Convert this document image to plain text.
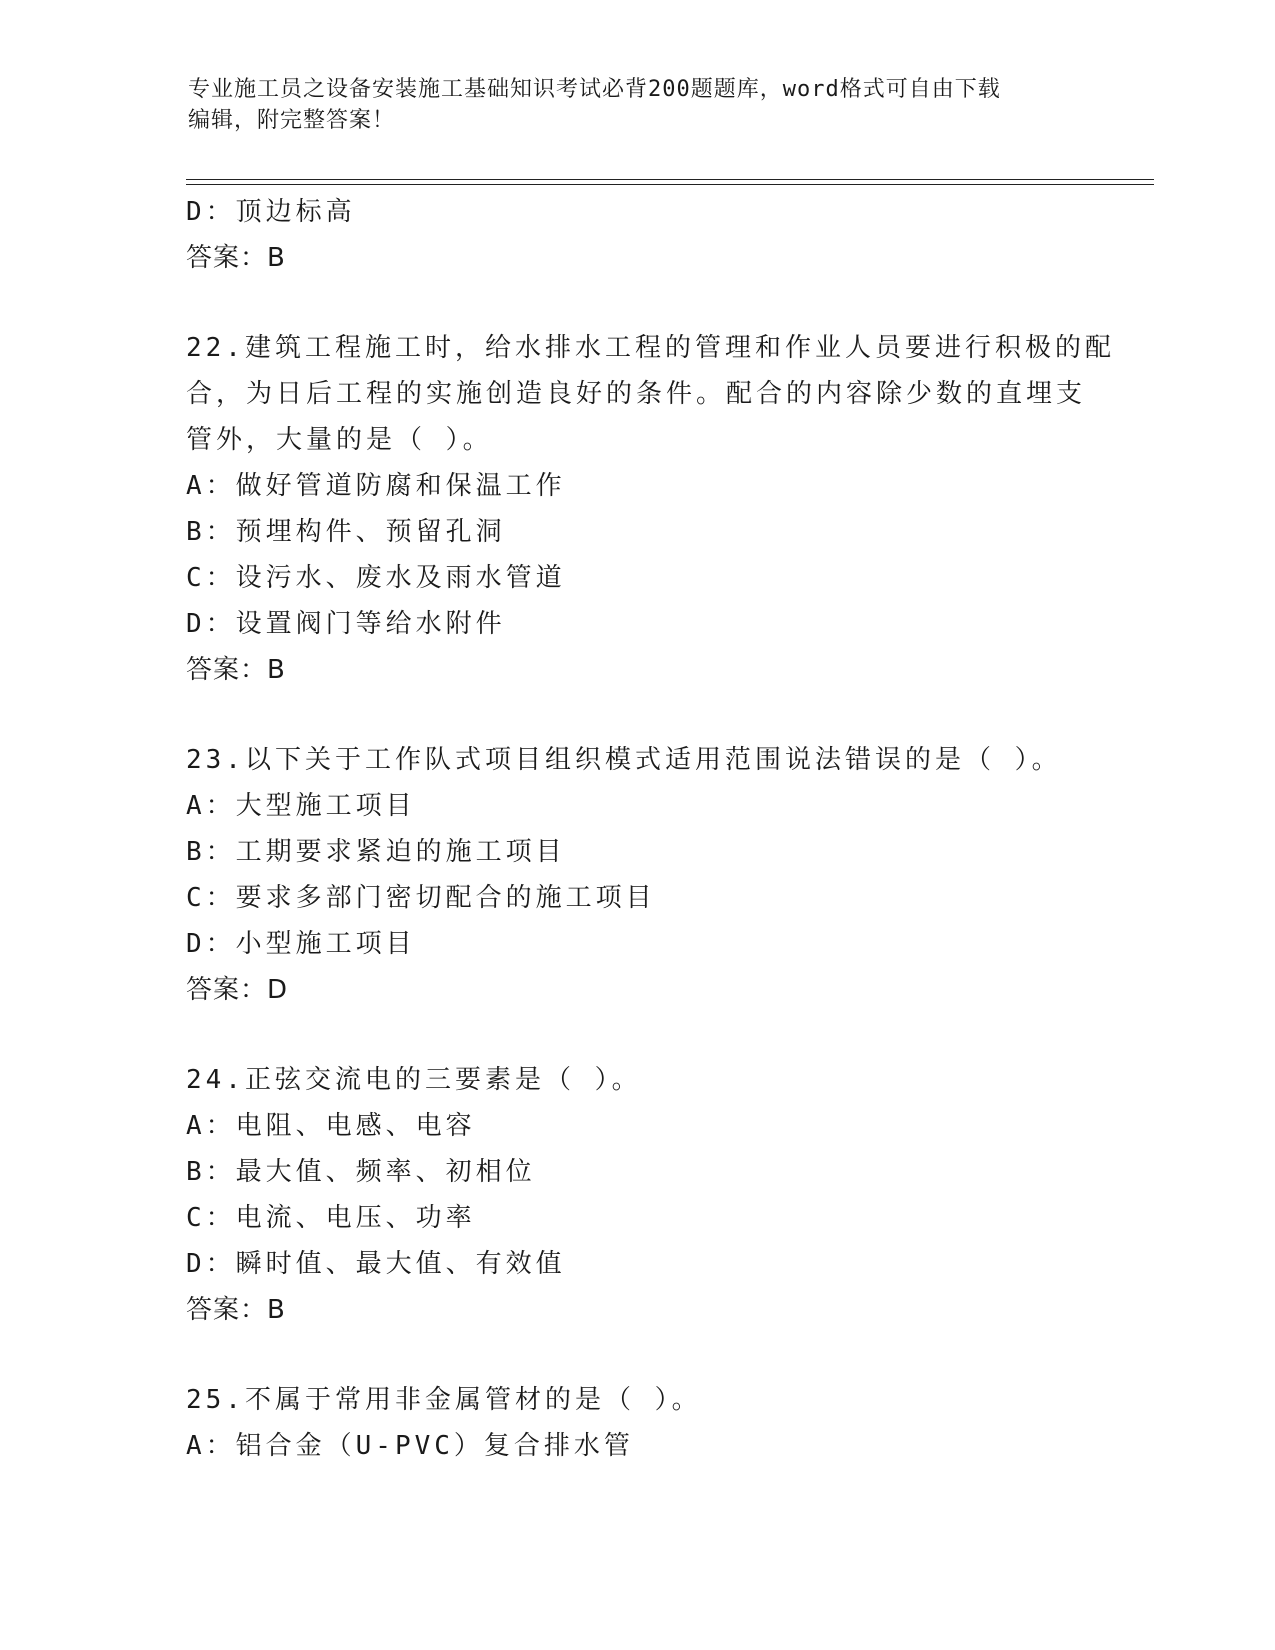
专业施工员之设备安装施工基础知识考试必背200题题库，word格式可自由下载
编辑，附完整答案！
D：顶边标高
答案：B
22.建筑工程施工时，给水排水工程的管理和作业人员要进行积极的配
合，为日后工程的实施创造良好的条件。配合的内容除少数的直埋支
管外，大量的是（ ）。
A：做好管道防腐和保温工作
B：预埋构件、预留孔洞
C：设污水、废水及雨水管道
D：设置阀门等给水附件
答案：B
23.以下关于工作队式项目组织模式适用范围说法错误的是（ ）。
A：大型施工项目
B：工期要求紧迫的施工项目
C：要求多部门密切配合的施工项目
D：小型施工项目
答案：D
24.正弦交流电的三要素是（ ）。
A：电阻、电感、电容
B：最大值、频率、初相位
C：电流、电压、功率
D：瞬时值、最大值、有效值
答案：B
25.不属于常用非金属管材的是（ ）。
A：铝合金（U-PVC）复合排水管
